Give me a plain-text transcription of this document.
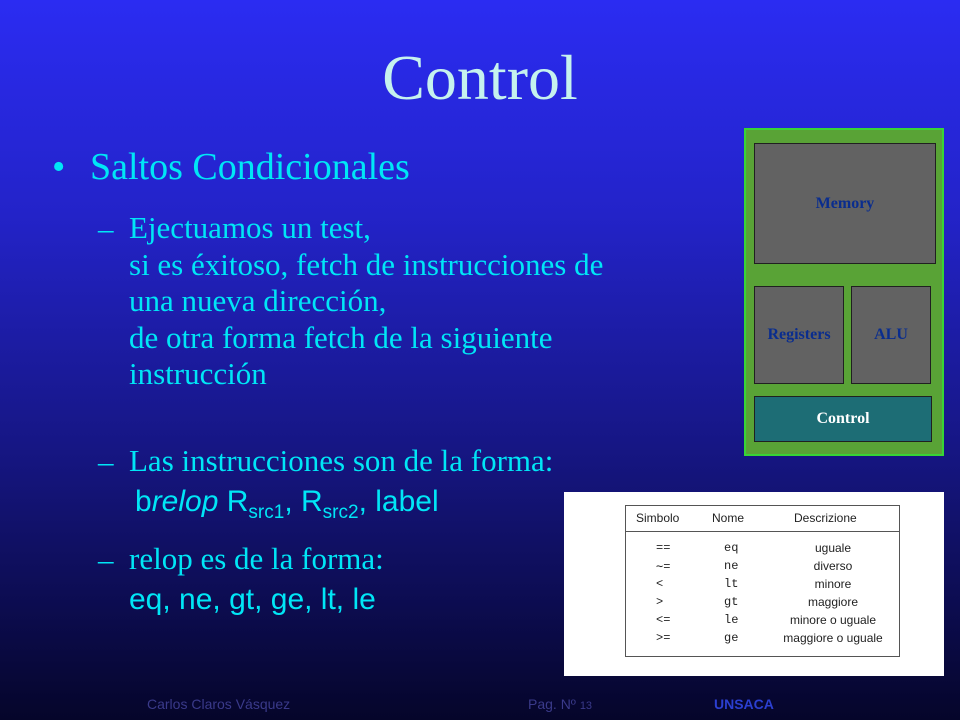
Control
• Saltos Condicionales
– Ejectuamos un test,
si es éxitoso, fetch de instrucciones de
una nueva dirección,
de otra forma fetch de la siguiente
instrucción
– Las instrucciones son de la forma:
brelop $R_{src1}$, $R_{src2}$, label
– relop es de la forma:
eq, ne, gt, ge, lt, le
Memory
Registers	ALU
Control
Simbolo	Nome	Descrizione
==	eq	uguale
∼=	ne	diverso
<	lt	minore
>	gt	maggiore
<=	le	minore o uguale
>=	ge	maggiore o uguale
Carlos Claros Vásquez	Pag. Nº 13	UNSACA
